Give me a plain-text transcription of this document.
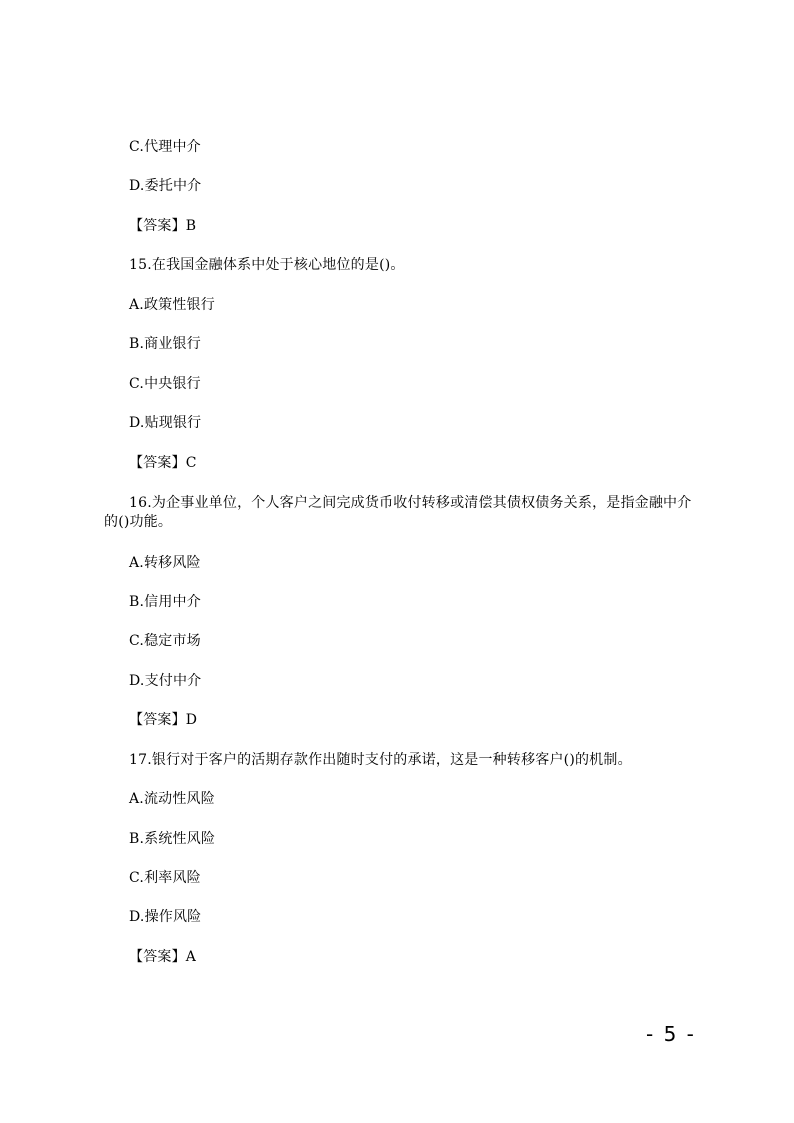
C.代理中介
D.委托中介
【答案】B
15.在我国金融体系中处于核心地位的是()。
A.政策性银行
B.商业银行
C.中央银行
D.贴现银行
【答案】C
16.为企事业单位，个人客户之间完成货币收付转移或清偿其债权债务关系，是指金融中介的()功能。
A.转移风险
B.信用中介
C.稳定市场
D.支付中介
【答案】D
17.银行对于客户的活期存款作出随时支付的承诺，这是一种转移客户()的机制。
A.流动性风险
B.系统性风险
C.利率风险
D.操作风险
【答案】A
- 5 -
